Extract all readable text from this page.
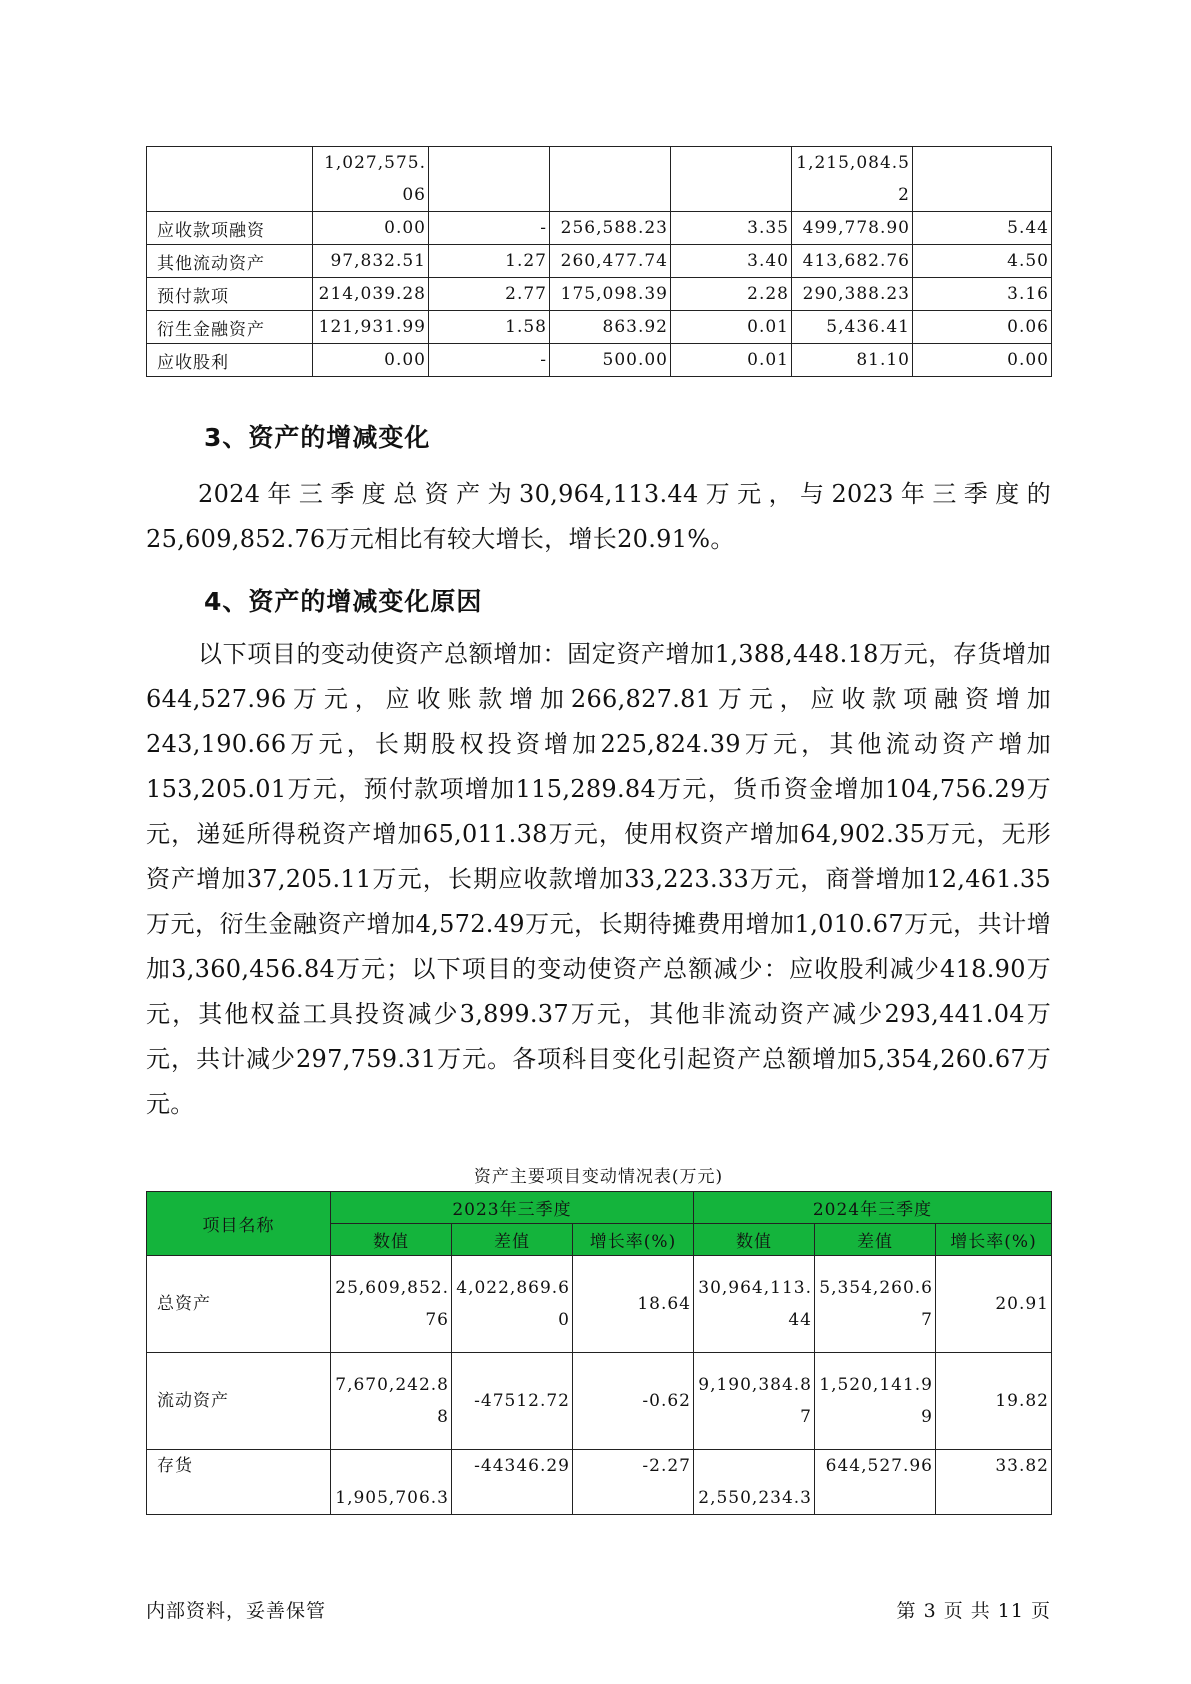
	1,027,575.06				1,215,084.52	
应收款项融资	0.00	-	256,588.23	3.35	499,778.90	5.44
其他流动资产	97,832.51	1.27	260,477.74	3.40	413,682.76	4.50
预付款项	214,039.28	2.77	175,098.39	2.28	290,388.23	3.16
衍生金融资产	121,931.99	1.58	863.92	0.01	5,436.41	0.06
应收股利	0.00	-	500.00	0.01	81.10	0.00
3、资产的增减变化

2024年三季度总资产为30,964,113.44万元，与2023年三季度的25,609,852.76万元相比有较大增长，增长20.91%。

4、资产的增减变化原因

以下项目的变动使资产总额增加：固定资产增加1,388,448.18万元，存货增加644,527.96万元，应收账款增加266,827.81万元，应收款项融资增加243,190.66万元，长期股权投资增加225,824.39万元，其他流动资产增加153,205.01万元，预付款项增加115,289.84万元，货币资金增加104,756.29万元，递延所得税资产增加65,011.38万元，使用权资产增加64,902.35万元，无形资产增加37,205.11万元，长期应收款增加33,223.33万元，商誉增加12,461.35万元，衍生金融资产增加4,572.49万元，长期待摊费用增加1,010.67万元，共计增加3,360,456.84万元；以下项目的变动使资产总额减少：应收股利减少418.90万元，其他权益工具投资减少3,899.37万元，其他非流动资产减少293,441.04万元，共计减少297,759.31万元。各项科目变化引起资产总额增加5,354,260.67万元。

资产主要项目变动情况表(万元)
项目名称	2023年三季度			2024年三季度		
	数值	差值	增长率(%)	数值	差值	增长率(%)
总资产	25,609,852.76	4,022,869.60	18.64	30,964,113.44	5,354,260.67	20.91
流动资产	7,670,242.88	-47512.72	-0.62	9,190,384.87	1,520,141.99	19.82
存货	1,905,706.3	-44346.29	-2.27	2,550,234.3	644,527.96	33.82
内部资料，妥善保管	第 3 页 共 11 页
